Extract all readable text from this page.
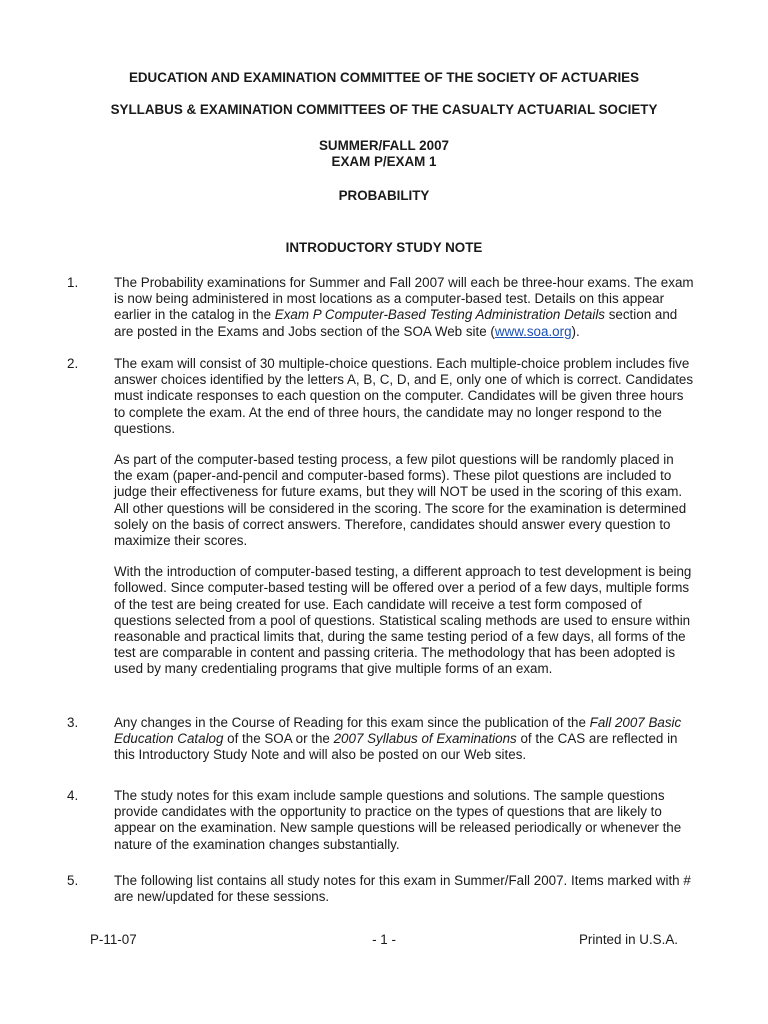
EDUCATION AND EXAMINATION COMMITTEE OF THE SOCIETY OF ACTUARIES
SYLLABUS & EXAMINATION COMMITTEES OF THE CASUALTY ACTUARIAL SOCIETY
SUMMER/FALL 2007
EXAM P/EXAM 1
PROBABILITY
INTRODUCTORY STUDY NOTE
1.	The Probability examinations for Summer and Fall 2007 will each be three-hour exams. The exam is now being administered in most locations as a computer-based test. Details on this appear earlier in the catalog in the Exam P Computer-Based Testing Administration Details section and are posted in the Exams and Jobs section of the SOA Web site (www.soa.org).
2.	The exam will consist of 30 multiple-choice questions. Each multiple-choice problem includes five answer choices identified by the letters A, B, C, D, and E, only one of which is correct. Candidates must indicate responses to each question on the computer. Candidates will be given three hours to complete the exam. At the end of three hours, the candidate may no longer respond to the questions.

As part of the computer-based testing process, a few pilot questions will be randomly placed in the exam (paper-and-pencil and computer-based forms). These pilot questions are included to judge their effectiveness for future exams, but they will NOT be used in the scoring of this exam. All other questions will be considered in the scoring. The score for the examination is determined solely on the basis of correct answers. Therefore, candidates should answer every question to maximize their scores.

With the introduction of computer-based testing, a different approach to test development is being followed. Since computer-based testing will be offered over a period of a few days, multiple forms of the test are being created for use. Each candidate will receive a test form composed of questions selected from a pool of questions. Statistical scaling methods are used to ensure within reasonable and practical limits that, during the same testing period of a few days, all forms of the test are comparable in content and passing criteria. The methodology that has been adopted is used by many credentialing programs that give multiple forms of an exam.

3.	Any changes in the Course of Reading for this exam since the publication of the Fall 2007 Basic Education Catalog of the SOA or the 2007 Syllabus of Examinations of the CAS are reflected in this Introductory Study Note and will also be posted on our Web sites.
4.	The study notes for this exam include sample questions and solutions. The sample questions provide candidates with the opportunity to practice on the types of questions that are likely to appear on the examination. New sample questions will be released periodically or whenever the nature of the examination changes substantially.
5.	The following list contains all study notes for this exam in Summer/Fall 2007. Items marked with # are new/updated for these sessions.
P-11-07	- 1 -	Printed in U.S.A.
